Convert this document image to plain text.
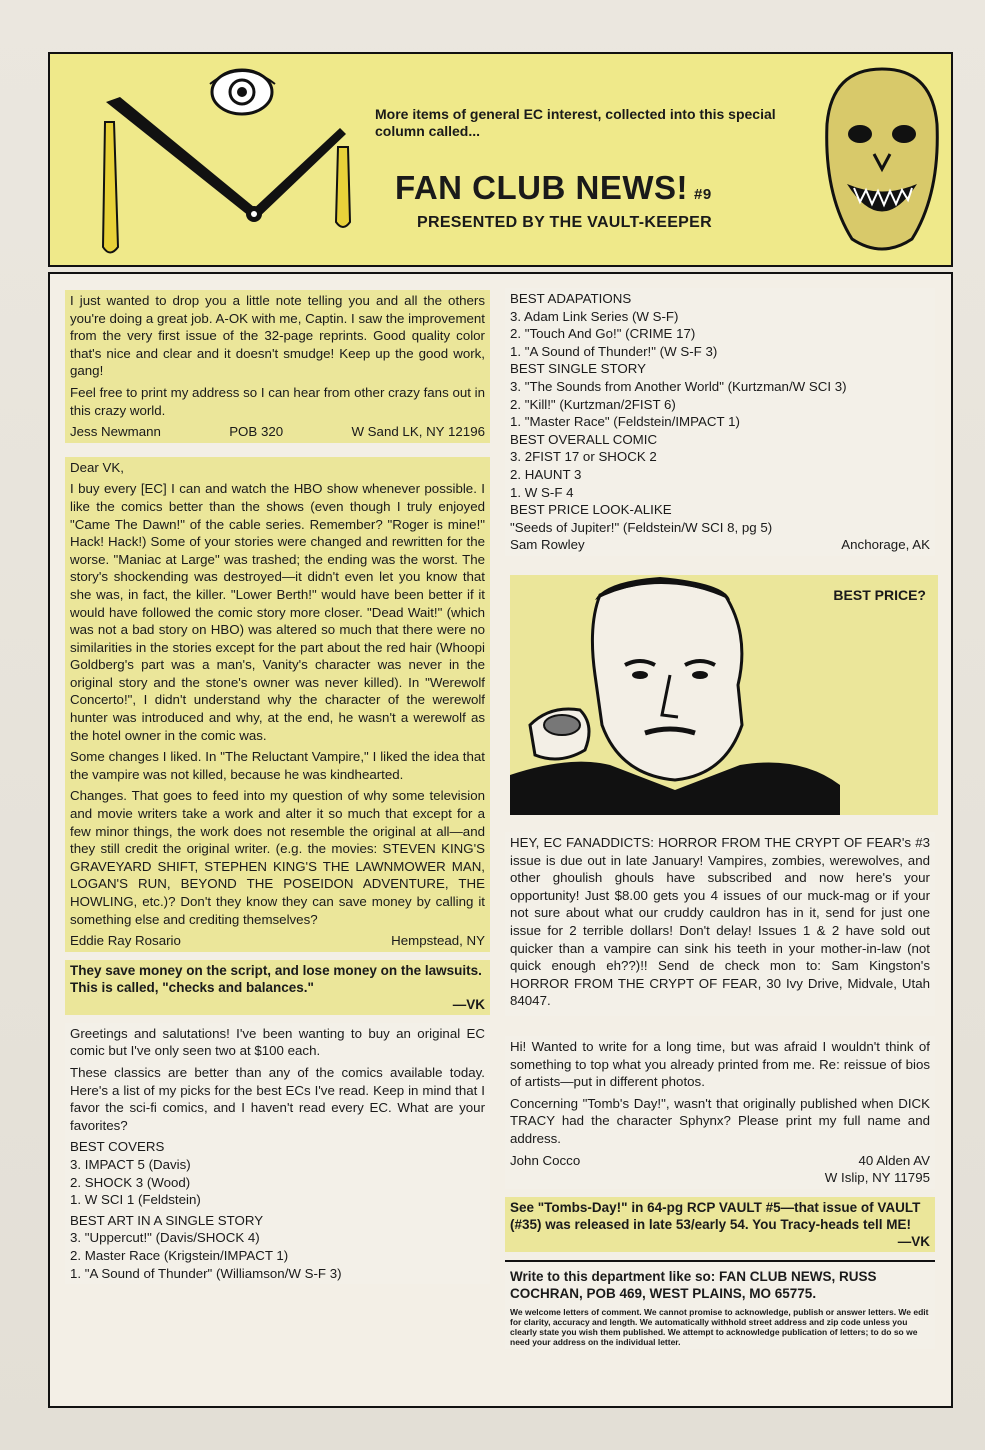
More items of general EC interest, collected into this special column called...
FAN CLUB NEWS! #9
PRESENTED BY THE VAULT-KEEPER

I just wanted to drop you a little note telling you and all the others you're doing a great job. A-OK with me, Captin. I saw the improvement from the very first issue of the 32-page reprints. Good quality color that's nice and clear and it doesn't smudge! Keep up the good work, gang!

Feel free to print my address so I can hear from other crazy fans out in this crazy world.

Jess Newmann	POB 320	W Sand LK, NY 12196

Dear VK,

I buy every [EC] I can and watch the HBO show whenever possible. I like the comics better than the shows (even though I truly enjoyed "Came The Dawn!" of the cable series. Remember? "Roger is mine!" Hack! Hack!) Some of your stories were changed and rewritten for the worse. "Maniac at Large" was trashed; the ending was the worst. The story's shockending was destroyed—it didn't even let you know that she was, in fact, the killer. "Lower Berth!" would have been better if it would have followed the comic story more closer. "Dead Wait!" (which was not a bad story on HBO) was altered so much that there were no similarities in the stories except for the part about the red hair (Whoopi Goldberg's part was a man's, Vanity's character was never in the original story and the stone's owner was never killed). In "Werewolf Concerto!", I didn't understand why the character of the werewolf hunter was introduced and why, at the end, he wasn't a werewolf as the hotel owner in the comic was.

Some changes I liked. In "The Reluctant Vampire," I liked the idea that the vampire was not killed, because he was kindhearted.

Changes. That goes to feed into my question of why some television and movie writers take a work and alter it so much that except for a few minor things, the work does not resemble the original at all—and they still credit the original writer. (e.g. the movies: STEVEN KING'S GRAVEYARD SHIFT, STEPHEN KING'S THE LAWNMOWER MAN, LOGAN'S RUN, BEYOND THE POSEIDON ADVENTURE, THE HOWLING, etc.)? Don't they know they can save money by calling it something else and crediting themselves?

Eddie Ray Rosario	Hempstead, NY
They save money on the script, and lose money on the lawsuits. This is called, "checks and balances."
—VK

Greetings and salutations! I've been wanting to buy an original EC comic but I've only seen two at $100 each.

These classics are better than any of the comics available today. Here's a list of my picks for the best ECs I've read. Keep in mind that I favor the sci-fi comics, and I haven't read every EC. What are your favorites?

BEST COVERS
3. IMPACT 5 (Davis)
2. SHOCK 3 (Wood)
1. W SCI 1 (Feldstein)
BEST ART IN A SINGLE STORY
3. "Uppercut!" (Davis/SHOCK 4)
2. Master Race (Krigstein/IMPACT 1)
1. "A Sound of Thunder" (Williamson/W S-F 3)
BEST ADAPATIONS
3. Adam Link Series (W S-F)
2. "Touch And Go!" (CRIME 17)
1. "A Sound of Thunder!" (W S-F 3)
BEST SINGLE STORY
3. "The Sounds from Another World" (Kurtzman/W SCI 3)
2. "Kill!" (Kurtzman/2FIST 6)
1. "Master Race" (Feldstein/IMPACT 1)
BEST OVERALL COMIC
3. 2FIST 17 or SHOCK 2
2. HAUNT 3
1. W S-F 4
BEST PRICE LOOK-ALIKE
"Seeds of Jupiter!" (Feldstein/W SCI 8, pg 5)
Sam Rowley	Anchorage, AK
BEST PRICE?

HEY, EC FANADDICTS: HORROR FROM THE CRYPT OF FEAR's #3 issue is due out in late January! Vampires, zombies, werewolves, and other ghoulish ghouls have subscribed and now here's your opportunity! Just $8.00 gets you 4 issues of our muck-mag or if your not sure about what our cruddy cauldron has in it, send for just one issue for 2 terrible dollars! Don't delay! Issues 1 & 2 have sold out quicker than a vampire can sink his teeth in your mother-in-law (not quick enough eh??)!! Send de check mon to: Sam Kingston's HORROR FROM THE CRYPT OF FEAR, 30 Ivy Drive, Midvale, Utah 84047.

Hi! Wanted to write for a long time, but was afraid I wouldn't think of something to top what you already printed from me. Re: reissue of bios of artists—put in different photos.

Concerning "Tomb's Day!", wasn't that originally published when DICK TRACY had the character Sphynx? Please print my full name and address.

John Cocco	40 Alden AV
W Islip, NY 11795
See "Tombs-Day!" in 64-pg RCP VAULT #5—that issue of VAULT (#35) was released in late 53/early 54. You Tracy-heads tell ME!
—VK
Write to this department like so: FAN CLUB NEWS, RUSS COCHRAN, POB 469, WEST PLAINS, MO 65775.
We welcome letters of comment. We cannot promise to acknowledge, publish or answer letters. We edit for clarity, accuracy and length. We automatically withhold street address and zip code unless you clearly state you wish them published. We attempt to acknowledge publication of letters; to do so we need your address on the individual letter.
